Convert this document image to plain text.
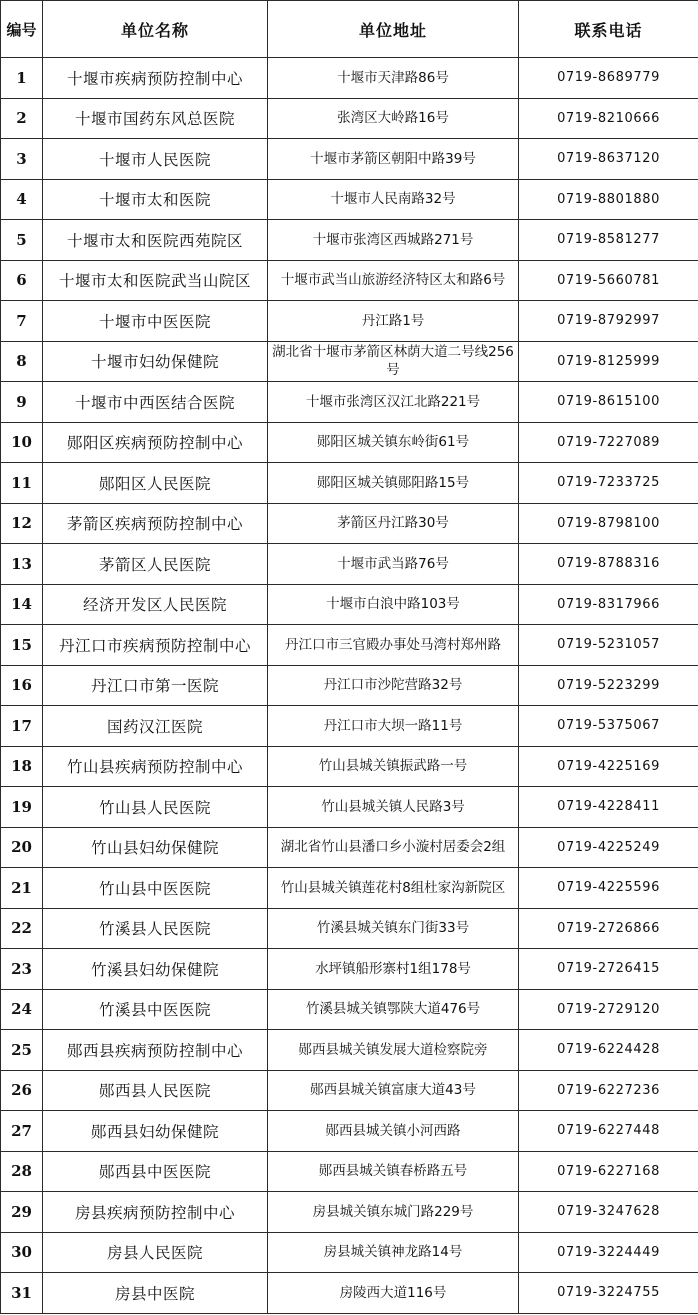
编号	单位名称	单位地址	联系电话
1	十堰市疾病预防控制中心	十堰市天津路86号	0719-8689779
2	十堰市国药东风总医院	张湾区大岭路16号	0719-8210666
3	十堰市人民医院	十堰市茅箭区朝阳中路39号	0719-8637120
4	十堰市太和医院	十堰市人民南路32号	0719-8801880
5	十堰市太和医院西苑院区	十堰市张湾区西城路271号	0719-8581277
6	十堰市太和医院武当山院区	十堰市武当山旅游经济特区太和路6号	0719-5660781
7	十堰市中医医院	丹江路1号	0719-8792997
8	十堰市妇幼保健院	湖北省十堰市茅箭区林荫大道二号线256号	0719-8125999
9	十堰市中西医结合医院	十堰市张湾区汉江北路221号	0719-8615100
10	郧阳区疾病预防控制中心	郧阳区城关镇东岭街61号	0719-7227089
11	郧阳区人民医院	郧阳区城关镇郧阳路15号	0719-7233725
12	茅箭区疾病预防控制中心	茅箭区丹江路30号	0719-8798100
13	茅箭区人民医院	十堰市武当路76号	0719-8788316
14	经济开发区人民医院	十堰市白浪中路103号	0719-8317966
15	丹江口市疾病预防控制中心	丹江口市三官殿办事处马湾村郑州路	0719-5231057
16	丹江口市第一医院	丹江口市沙陀营路32号	0719-5223299
17	国药汉江医院	丹江口市大坝一路11号	0719-5375067
18	竹山县疾病预防控制中心	竹山县城关镇振武路一号	0719-4225169
19	竹山县人民医院	竹山县城关镇人民路3号	0719-4228411
20	竹山县妇幼保健院	湖北省竹山县潘口乡小漩村居委会2组	0719-4225249
21	竹山县中医医院	竹山县城关镇莲花村8组杜家沟新院区	0719-4225596
22	竹溪县人民医院	竹溪县城关镇东门街33号	0719-2726866
23	竹溪县妇幼保健院	水坪镇船形寨村1组178号	0719-2726415
24	竹溪县中医医院	竹溪县城关镇鄂陕大道476号	0719-2729120
25	郧西县疾病预防控制中心	郧西县城关镇发展大道检察院旁	0719-6224428
26	郧西县人民医院	郧西县城关镇富康大道43号	0719-6227236
27	郧西县妇幼保健院	郧西县城关镇小河西路	0719-6227448
28	郧西县中医医院	郧西县城关镇春桥路五号	0719-6227168
29	房县疾病预防控制中心	房县城关镇东城门路229号	0719-3247628
30	房县人民医院	房县城关镇神龙路14号	0719-3224449
31	房县中医院	房陵西大道116号	0719-3224755
